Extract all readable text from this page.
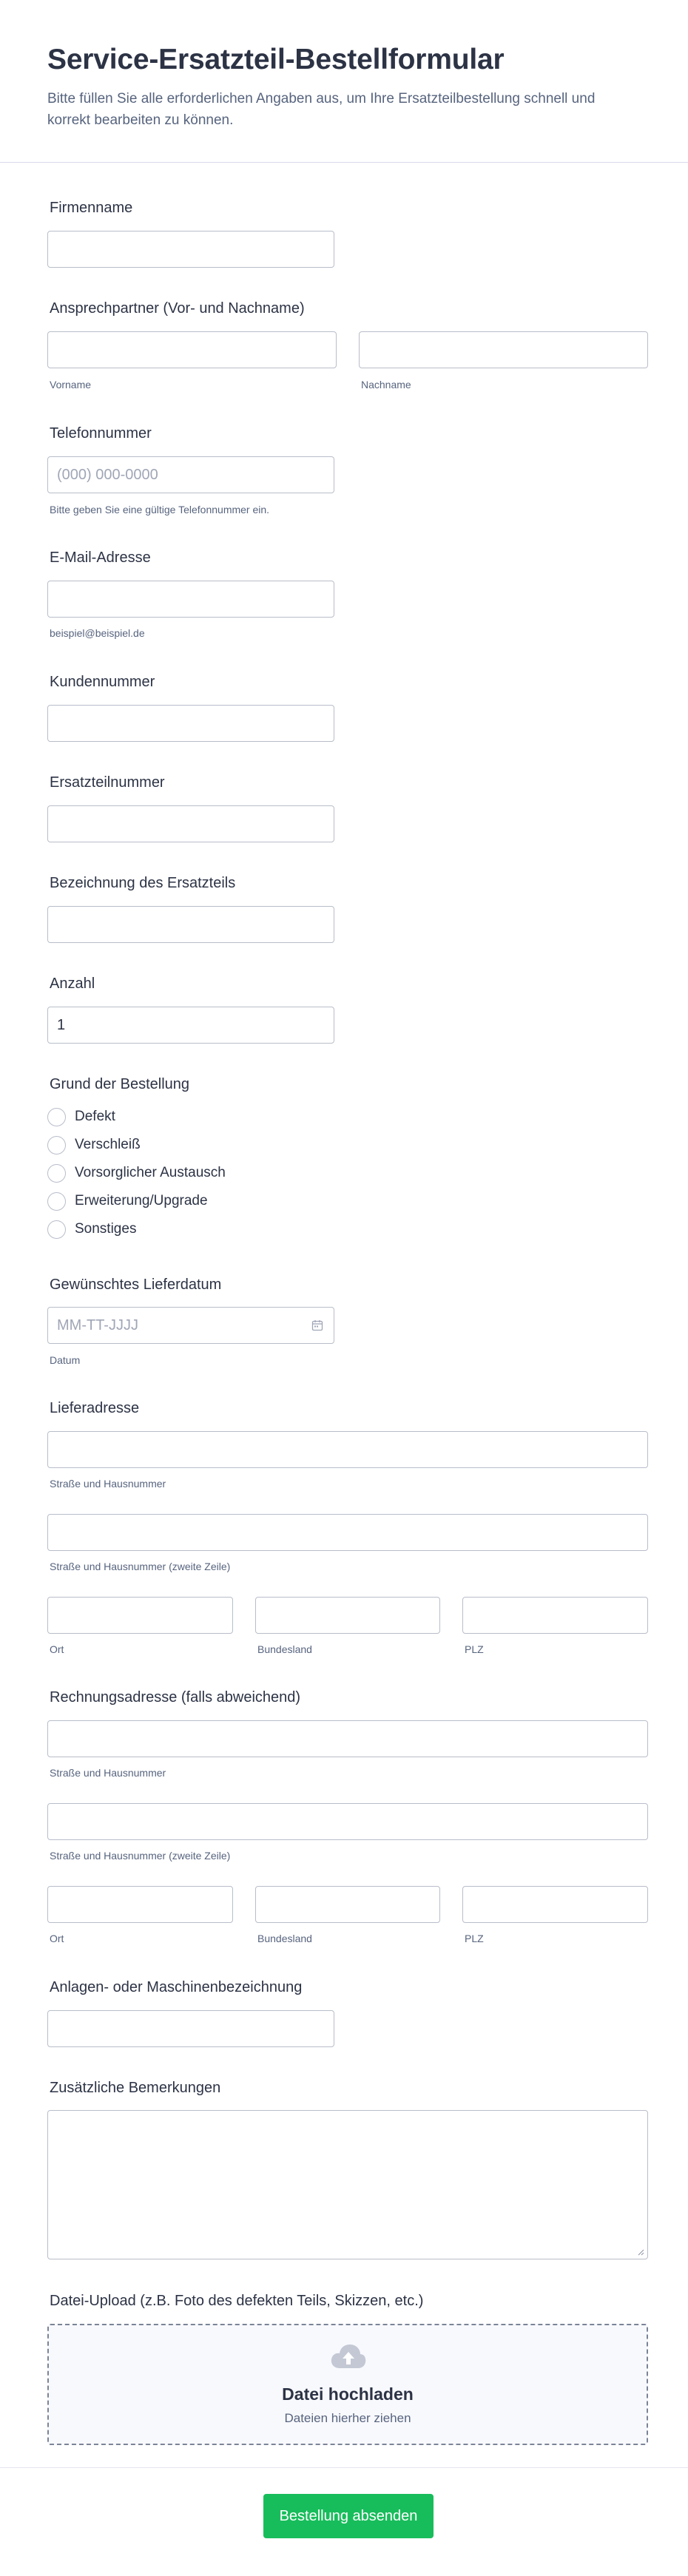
Service-Ersatzteil-Bestellformular

Bitte füllen Sie alle erforderlichen Angaben aus, um Ihre Ersatzteilbestellung schnell und korrekt bearbeiten zu können.

Firmenname
Ansprechpartner (Vor- und Nachname)
Vorname	Nachname
Telefonnummer
(000) 000-0000
Bitte geben Sie eine gültige Telefonnummer ein.
E-Mail-Adresse
beispiel@beispiel.de
Kundennummer
Ersatzteilnummer
Bezeichnung des Ersatzteils
Anzahl
1
Grund der Bestellung
Defekt
Verschleiß
Vorsorglicher Austausch
Erweiterung/Upgrade
Sonstiges
Gewünschtes Lieferdatum
MM-TT-JJJJ
Datum
Lieferadresse
Straße und Hausnummer
Straße und Hausnummer (zweite Zeile)
Ort	Bundesland	PLZ
Rechnungsadresse (falls abweichend)
Straße und Hausnummer
Straße und Hausnummer (zweite Zeile)
Ort	Bundesland	PLZ
Anlagen- oder Maschinenbezeichnung
Zusätzliche Bemerkungen
Datei-Upload (z.B. Foto des defekten Teils, Skizzen, etc.)
Datei hochladen
Dateien hierher ziehen
Bestellung absenden
